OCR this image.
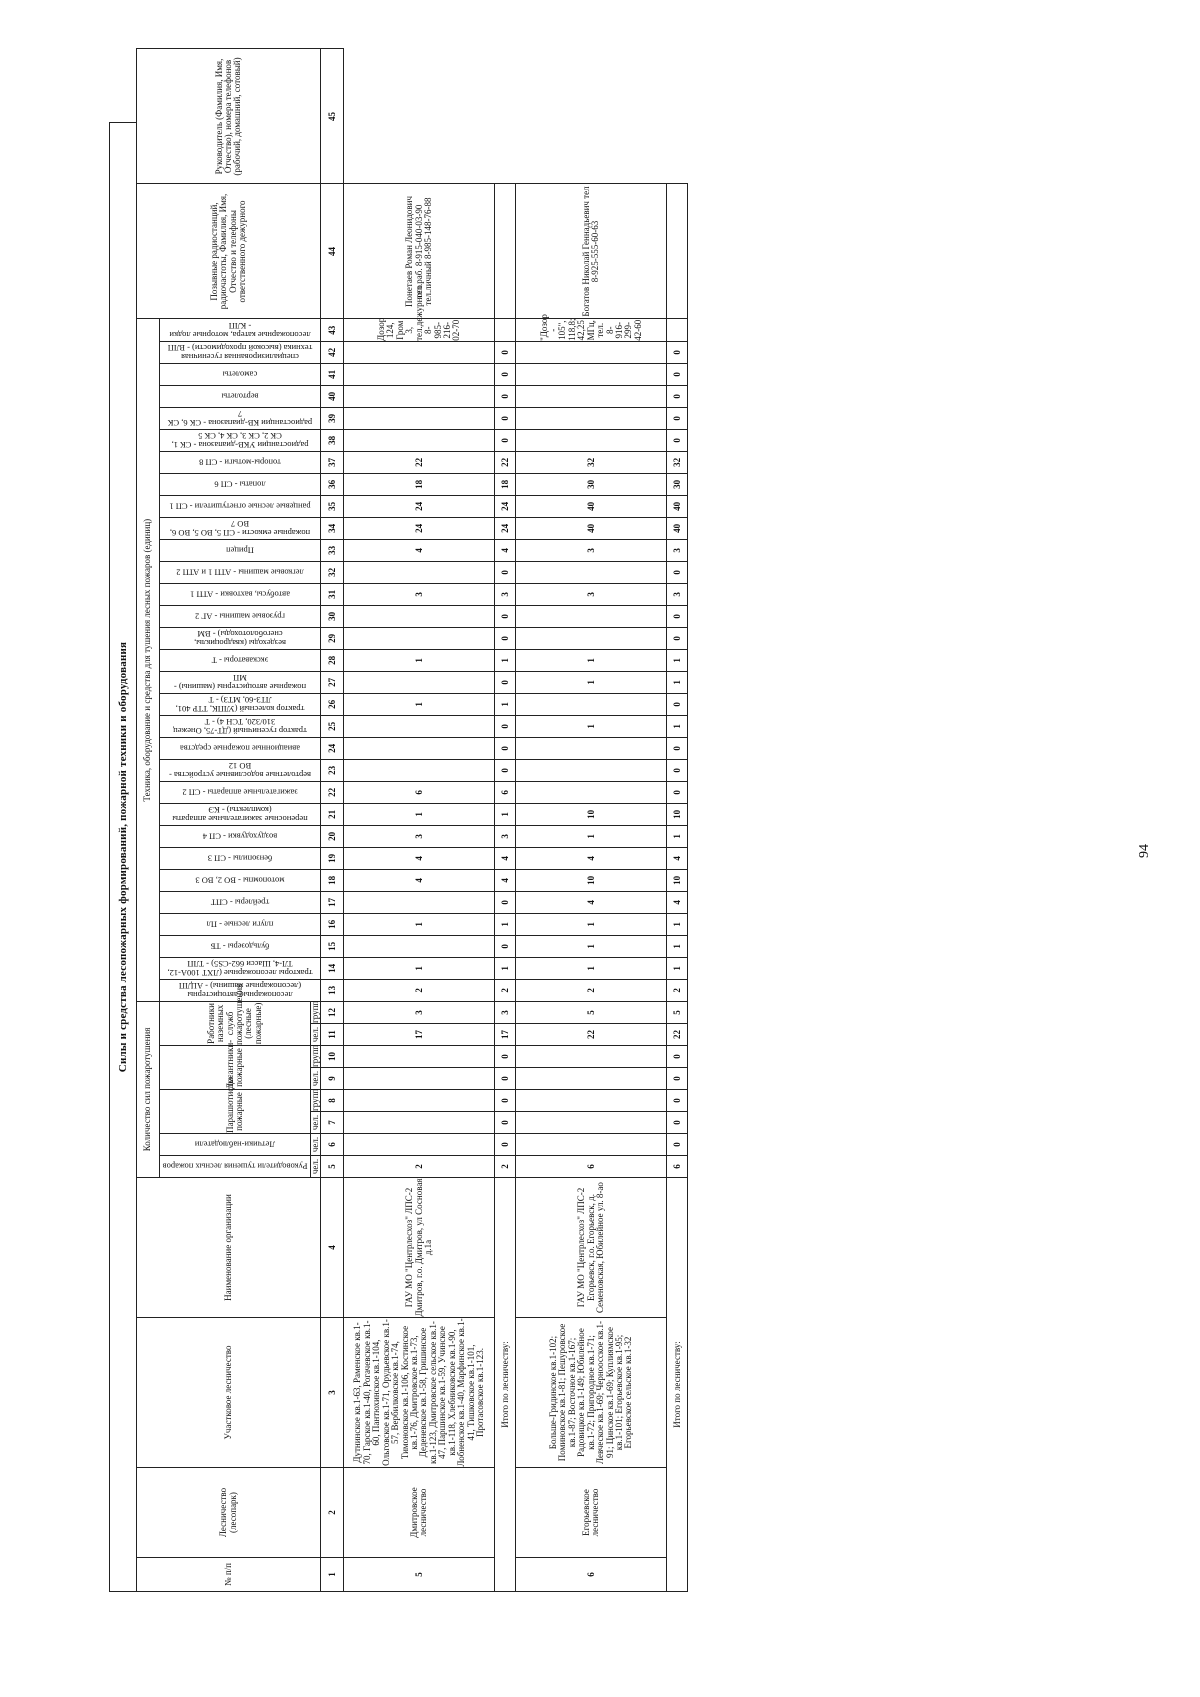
Силы и средства лесопожарных формирований, пожарной техники и оборудования
№ п/п	Лесничество (лесопарк)	Участковое лесничество	Наименование организации	Количество сил пожаротушения								Техника, оборудование и средства для тушения лесных пожаров (единиц)																															Позывные радиостанций, радиочастоты, Фамилия, Имя, Отчество и телефоны ответственного дежурного	Руководитель (Фамилия, Имя, Отчество), номера телефонов (рабочий, домашний, сотовый)

				Руководители тушения лесных пожаров	Летчики-наблюдатели	Парашютисты-пожарные		Десантники-пожарные		Работники наземных служб пожаротушения (лесные пожарные)		лесопожарные автоцистерны (лесопожарные машины) - АЦЛП	тракторы лесопожарные (ЛХТ 100А-12, ТЛ-4, Шасси 662-CS5) - ТЛП	бульдозеры - ТБ	плуги лесные - Пл	трейлеры - СПТ	мотопомпы - ВО 2, ВО 3	бензопилы - СП 3	воздуходувки - СП 4	переносные зажигательные аппараты (комплекты) - КЭ	зажигательные аппараты - СП 2	вертолетные водосливные устройства - ВО 12	авиационные пожарные средства	трактор гусеничный (ДТ-75, Онежец 310/320, ТСН 4) - Т	трактор колесный (УЛПК, ТТР 401, ЛТЗ-60, МТЗ) - Т	пожарные автоцистерны (машины) - МП	экскаваторы - Т	вездеходы (квадроциклы, снегоболотоходы) - ВМ	грузовые машины - АГ 2	автобусы, вахтовки - АТП 1	легковые машины - АТП 1 и АТП 2	Прицеп	пожарные емкости - СП 5, ВО 5, ВО 6, ВО 7	ранцевые лесные огнетушители - СП 1	лопаты - СП 6	топоры-мотыги - СП 8	радиостанции УКВ-диапазона - СК 1, СК 2, СК 3, СК 4, СК 5	радиостанции КВ-диапазона - СК 6, СК 7	вертолеты	самолеты	специализированная гусеничная техника (высокой проходимости) - ВЛП	лесопожарные катера, моторные лодки - КЛП		

				чел.	чел.	чел.	групп	чел.	групп	чел.	групп																																	
1	2	3	4	5	6	7	8	9	10	11	12	13	14	15	16	17	18	19	20	21	22	23	24	25	26	27	28	29	30	31	32	33	34	35	36	37	38	39	40	41	42	43	44	45
5	Дмитровское лесничество	Дутнинское кв.1-63, Раменское кв.1-70, Гарское кв.1-40, Рогачевское кв.1-60, Пантюхинское кв.1-104, Ольговское кв.1-71, Орудьевское кв.1-57, Вербилковское кв.1-74, Тимоновское кв.1-106, Костинское кв.1-76, Дмитровское кв.1-73, Деденевское кв.1-58, Гришинское кв.1-123, Дмитровское сельское кв.1-47, Паршинское кв.1-59, Учинское кв.1-118, Хлебниковское кв.1-90, Лобненское кв.1-40, Марфинское кв.1-41, Тишковское кв.1-101, Протасовское кв.1-123.	ГАУ МО "Центрлесхоз" ЛПС-2 Дмитров, г.о. Дмитров, ул Сосновая д.1а	2						17	3	2	1		1		4	4	3	1	6				1		1			3		4	24	24	18	22						Дозор 124, Гром 3, тел.дежурного 8-985-216-02-70	Понетаев Роман Леонидович тел.раб. 8-915-040-03-90 тел.личный 8-985-148-76-88	
Итого по лесничеству:				2	0	0	0	0	0	17	3	2	1	0	1	0	4	4	3	1	6	0	0	0	1	0	1	0	0	3	0	4	24	24	18	22	0	0	0	0	0			
6	Егорьевское лесничество	Больше-Гридинское кв.1-102; Поминовское кв.1-81; Пешуровское кв.1-87; Восточное кв.1-167; Радовицкое кв.1-149; Юбилейное кв.1-72; Пригородное кв.1-71; Левческое кв.1-69; Черноосское кв.1-91; Цинское кв.1-69; Куплиямское кв.1-101; Егорьевское кв.1-95; Егорьевское сельское кв.1-32	ГАУ МО "Центрлесхоз" ЛПС-2 Егорьевск, г.о. Егорьевск, д. Семеновская, Юбилейное ул. 8-ао	6						22	5	2	1	1	1	4	10	4	1	10				1		1	1			3		3	40	40	30	32						"Дозор - 105", 118,8; 42,25 МГц, тел. 8-916-299-42-60	Богатов Николай Геннадьевич тел 8-925-555-60-63	
Итого по лесничеству:				6	0	0	0	0	0	22	5	2	1	1	1	4	10	4	1	10	0	0	0	1	0	1	1	0	0	3	0	3	40	40	30	32	0	0	0	0	0			
94
